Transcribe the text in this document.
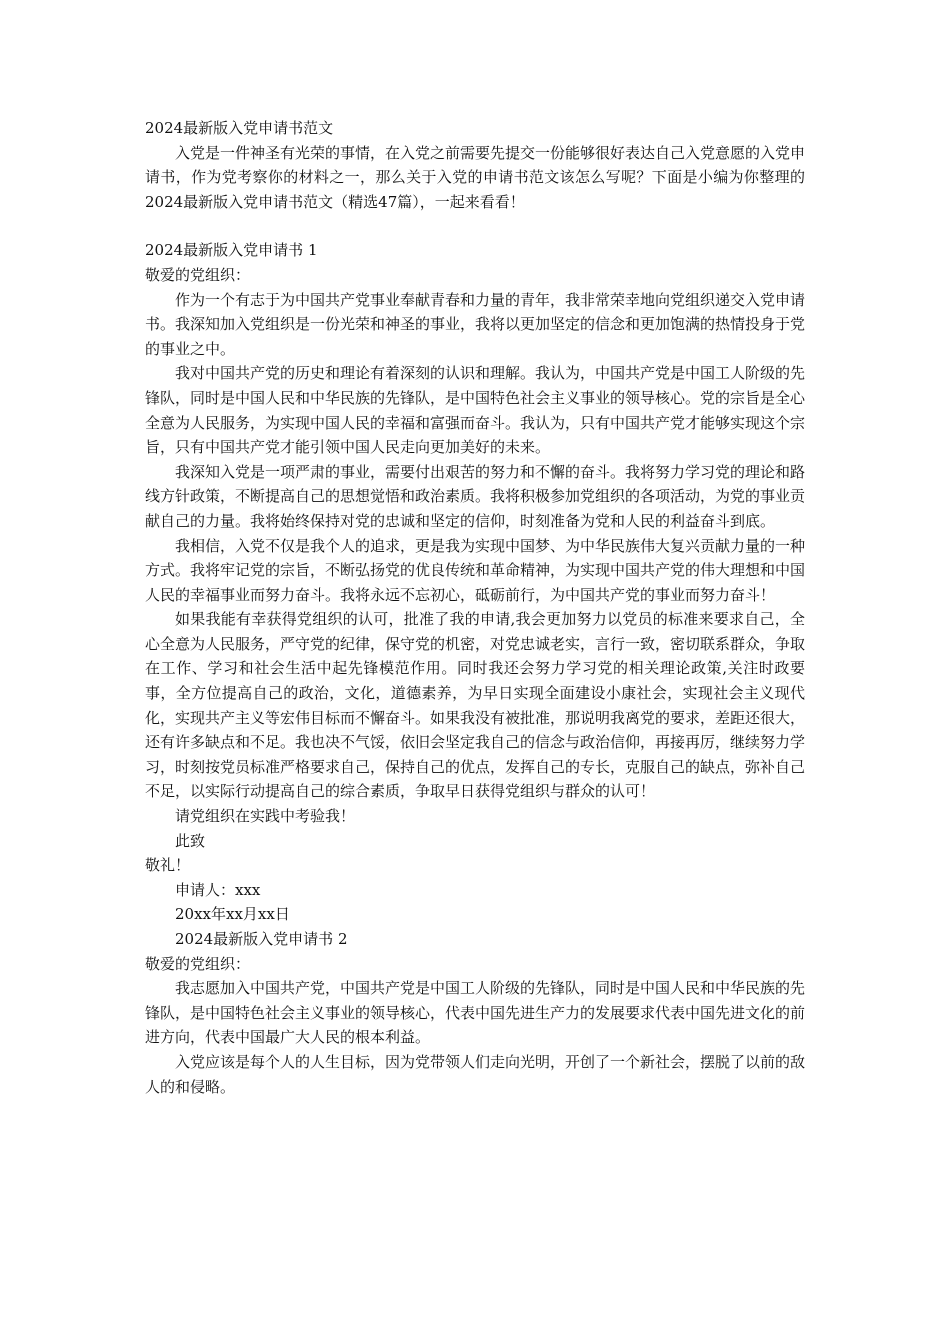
2024最新版入党申请书范文

入党是一件神圣有光荣的事情，在入党之前需要先提交一份能够很好表达自己入党意愿的入党申请书，作为党考察你的材料之一，那么关于入党的申请书范文该怎么写呢？下面是小编为你整理的2024最新版入党申请书范文（精选47篇），一起来看看！

2024最新版入党申请书 1
敬爱的党组织：

作为一个有志于为中国共产党事业奉献青春和力量的青年，我非常荣幸地向党组织递交入党申请书。我深知加入党组织是一份光荣和神圣的事业，我将以更加坚定的信念和更加饱满的热情投身于党的事业之中。

我对中国共产党的历史和理论有着深刻的认识和理解。我认为，中国共产党是中国工人阶级的先锋队，同时是中国人民和中华民族的先锋队，是中国特色社会主义事业的领导核心。党的宗旨是全心全意为人民服务，为实现中国人民的幸福和富强而奋斗。我认为，只有中国共产党才能够实现这个宗旨，只有中国共产党才能引领中国人民走向更加美好的未来。

我深知入党是一项严肃的事业，需要付出艰苦的努力和不懈的奋斗。我将努力学习党的理论和路线方针政策，不断提高自己的思想觉悟和政治素质。我将积极参加党组织的各项活动，为党的事业贡献自己的力量。我将始终保持对党的忠诚和坚定的信仰，时刻准备为党和人民的利益奋斗到底。

我相信，入党不仅是我个人的追求，更是我为实现中国梦、为中华民族伟大复兴贡献力量的一种方式。我将牢记党的宗旨，不断弘扬党的优良传统和革命精神，为实现中国共产党的伟大理想和中国人民的幸福事业而努力奋斗。我将永远不忘初心，砥砺前行，为中国共产党的事业而努力奋斗！

如果我能有幸获得党组织的认可，批准了我的申请,我会更加努力以党员的标准来要求自己，全心全意为人民服务，严守党的纪律，保守党的机密，对党忠诚老实，言行一致，密切联系群众，争取在工作、学习和社会生活中起先锋模范作用。同时我还会努力学习党的相关理论政策,关注时政要事，全方位提高自己的政治，文化，道德素养，为早日实现全面建设小康社会，实现社会主义现代化，实现共产主义等宏伟目标而不懈奋斗。如果我没有被批准，那说明我离党的要求，差距还很大，还有许多缺点和不足。我也决不气馁，依旧会坚定我自己的信念与政治信仰，再接再厉，继续努力学习，时刻按党员标准严格要求自己，保持自己的优点，发挥自己的专长，克服自己的缺点，弥补自己不足，以实际行动提高自己的综合素质，争取早日获得党组织与群众的认可！

请党组织在实践中考验我！

此致

敬礼！

申请人：xxx

20xx年xx月xx日

2024最新版入党申请书 2

敬爱的党组织：

我志愿加入中国共产党，中国共产党是中国工人阶级的先锋队，同时是中国人民和中华民族的先锋队，是中国特色社会主义事业的领导核心，代表中国先进生产力的发展要求代表中国先进文化的前进方向，代表中国最广大人民的根本利益。

入党应该是每个人的人生目标，因为党带领人们走向光明，开创了一个新社会，摆脱了以前的敌人的和侵略。
